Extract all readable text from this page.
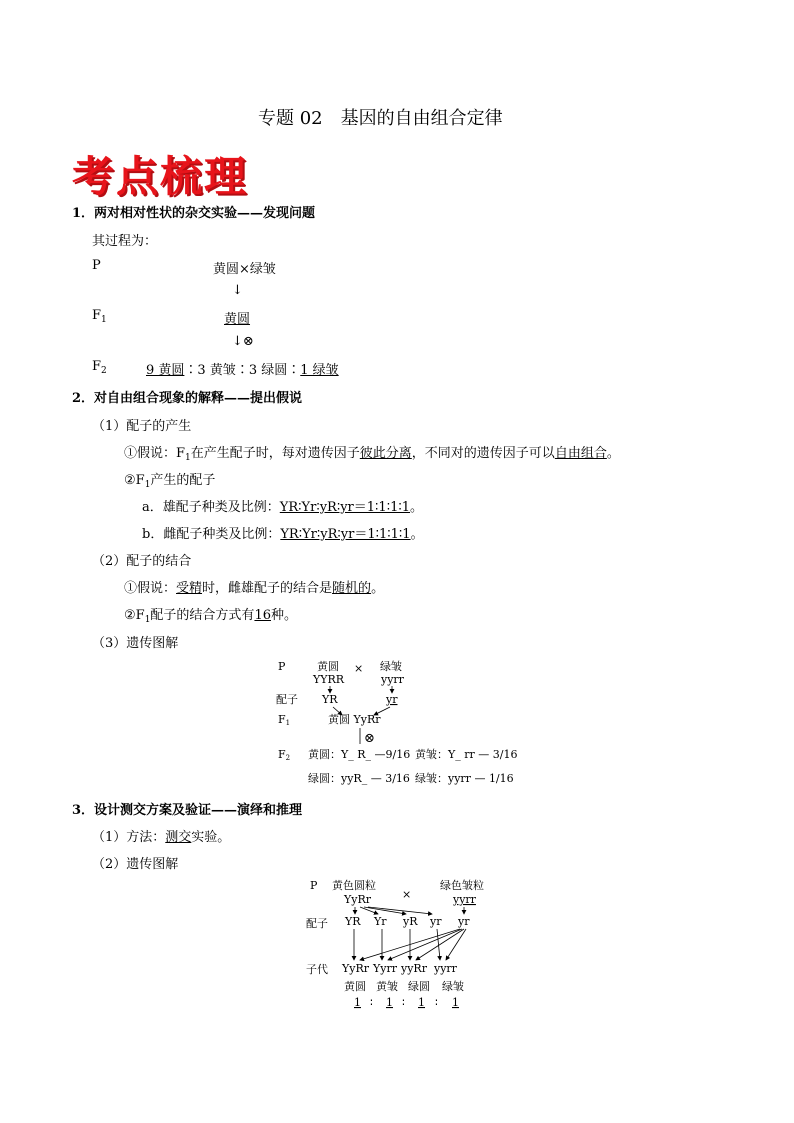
专题 02　基因的自由组合定律
考点梳理
1．两对相对性状的杂交实验——发现问题
其过程为：
P	黄圆×绿皱
↓
$F_1$	黄圆
↓⊗
$F_2$	9 黄圆∶3 黄皱∶3 绿圆∶1 绿皱
2．对自由组合现象的解释——提出假说
（1）配子的产生
①假说：$F_1$在产生配子时，每对遗传因子彼此分离，不同对的遗传因子可以自由组合。
$②F_1$产生的配子
a．雄配子种类及比例：YR∶Yr∶yR∶yr＝1∶1∶1∶1。
b．雌配子种类及比例：YR∶Yr∶yR∶yr＝1∶1∶1∶1。
（2）配子的结合
①假说：受精时，雌雄配子的结合是随机的。
$②F_1$配子的结合方式有16种。
（3）遗传图解
P	黄圆 × 绿皱
YYRR	yyrr
配子 YR	yr
F1	黄圆 YyRr
⊗
F2 黄圆：Y_ R_ —9/16 黄皱：Y_ rr — 3/16
绿圆：yyR_ — 3/16 绿皱：yyrr — 1/16
3．设计测交方案及验证——演绎和推理
（1）方法：测交实验。
（2）遗传图解
P 黄色圆粒
×
绿色皱粒
YyRr	yyrr
配子 YR Yr yR yr yr
子代 YyRr Yyrr yyRr yyrr
黄圆 黄皱 绿圆 绿皱
1 ∶ 1 ∶ 1 ∶ 1
